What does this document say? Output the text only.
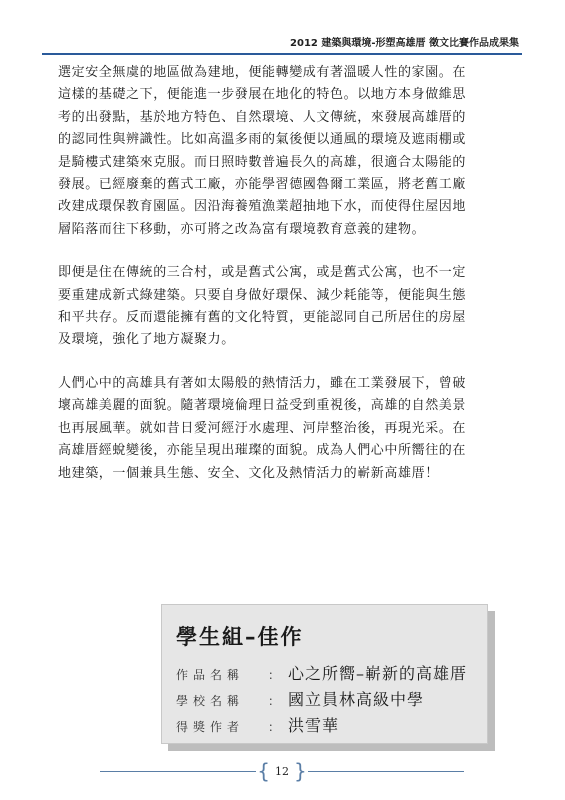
2012 建築與環境-形塑高雄厝 徵文比賽作品成果集

選定安全無虞的地區做為建地，便能轉變成有著溫暖人性的家園。在
這樣的基礎之下，便能進一步發展在地化的特色。以地方本身做維思
考的出發點，基於地方特色、自然環境、人文傳統，來發展高雄厝的
的認同性與辨識性。比如高溫多雨的氣後便以通風的環境及遮雨棚或
是騎樓式建築來克服。而日照時數普遍長久的高雄，很適合太陽能的
發展。已經廢棄的舊式工廠，亦能學習德國魯爾工業區，將老舊工廠
改建成環保教育園區。因沿海養殖漁業超抽地下水，而使得住屋因地
層陷落而往下移動，亦可將之改為富有環境教育意義的建物。

即便是住在傳統的三合村，或是舊式公寓，或是舊式公寓，也不一定
要重建成新式綠建築。只要自身做好環保、減少耗能等，便能與生態
和平共存。反而還能擁有舊的文化特質，更能認同自己所居住的房屋
及環境，強化了地方凝聚力。

人們心中的高雄具有著如太陽般的熱情活力，雖在工業發展下，曾破
壞高雄美麗的面貌。隨著環境倫理日益受到重視後，高雄的自然美景
也再展風華。就如昔日愛河經汙水處理、河岸整治後，再現光采。在
高雄厝經蛻變後，亦能呈現出璀璨的面貌。成為人們心中所嚮往的在
地建築，一個兼具生態、安全、文化及熱情活力的嶄新高雄厝！

學生組–佳作
作品名稱	： 心之所嚮–嶄新的高雄厝
學校名稱	： 國立員林高級中學
得獎作者	： 洪雪華
{ 12 }
